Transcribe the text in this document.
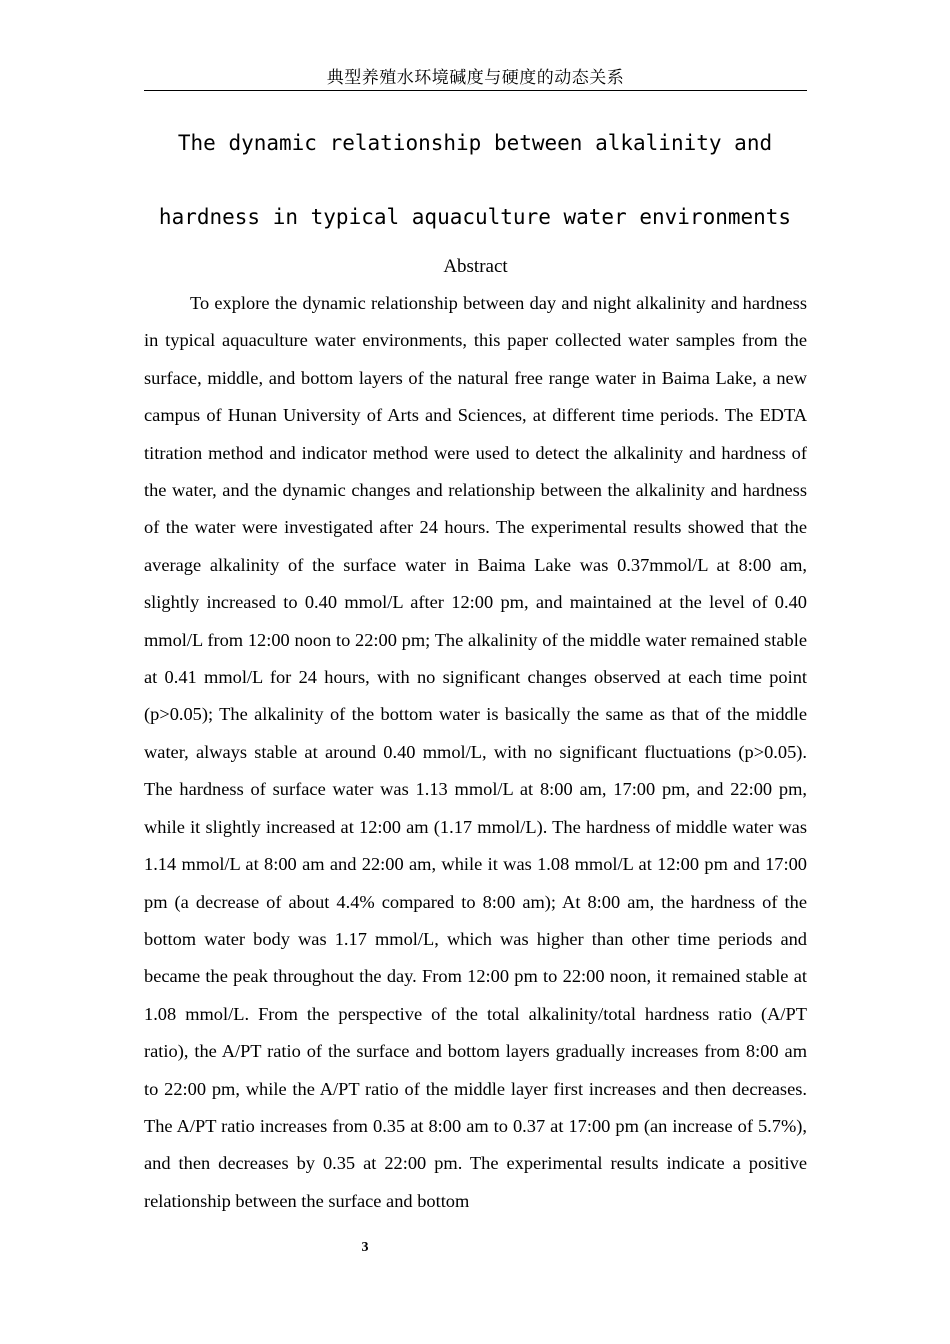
典型养殖水环境碱度与硬度的动态关系
The dynamic relationship between alkalinity and
hardness in typical aquaculture water environments
Abstract

To explore the dynamic relationship between day and night alkalinity and hardness in typical aquaculture water environments, this paper collected water samples from the surface, middle, and bottom layers of the natural free range water in Baima Lake, a new campus of Hunan University of Arts and Sciences, at different time periods. The EDTA titration method and indicator method were used to detect the alkalinity and hardness of the water, and the dynamic changes and relationship between the alkalinity and hardness of the water were investigated after 24 hours. The experimental results showed that the average alkalinity of the surface water in Baima Lake was 0.37mmol/L at 8:00 am, slightly increased to 0.40 mmol/L after 12:00 pm, and maintained at the level of 0.40 mmol/L from 12:00 noon to 22:00 pm; The alkalinity of the middle water remained stable at 0.41 mmol/L for 24 hours, with no significant changes observed at each time point (p>0.05); The alkalinity of the bottom water is basically the same as that of the middle water, always stable at around 0.40 mmol/L, with no significant fluctuations (p>0.05). The hardness of surface water was 1.13 mmol/L at 8:00 am, 17:00 pm, and 22:00 pm, while it slightly increased at 12:00 am (1.17 mmol/L). The hardness of middle water was 1.14 mmol/L at 8:00 am and 22:00 am, while it was 1.08 mmol/L at 12:00 pm and 17:00 pm (a decrease of about 4.4% compared to 8:00 am); At 8:00 am, the hardness of the bottom water body was 1.17 mmol/L, which was higher than other time periods and became the peak throughout the day. From 12:00 pm to 22:00 noon, it remained stable at 1.08 mmol/L. From the perspective of the total alkalinity/total hardness ratio (A/PT ratio), the A/PT ratio of the surface and bottom layers gradually increases from 8:00 am to 22:00 pm, while the A/PT ratio of the middle layer first increases and then decreases. The A/PT ratio increases from 0.35 at 8:00 am to 0.37 at 17:00 pm (an increase of 5.7%), and then decreases by 0.35 at 22:00 pm. The experimental results indicate a positive relationship between the surface and bottom

3
